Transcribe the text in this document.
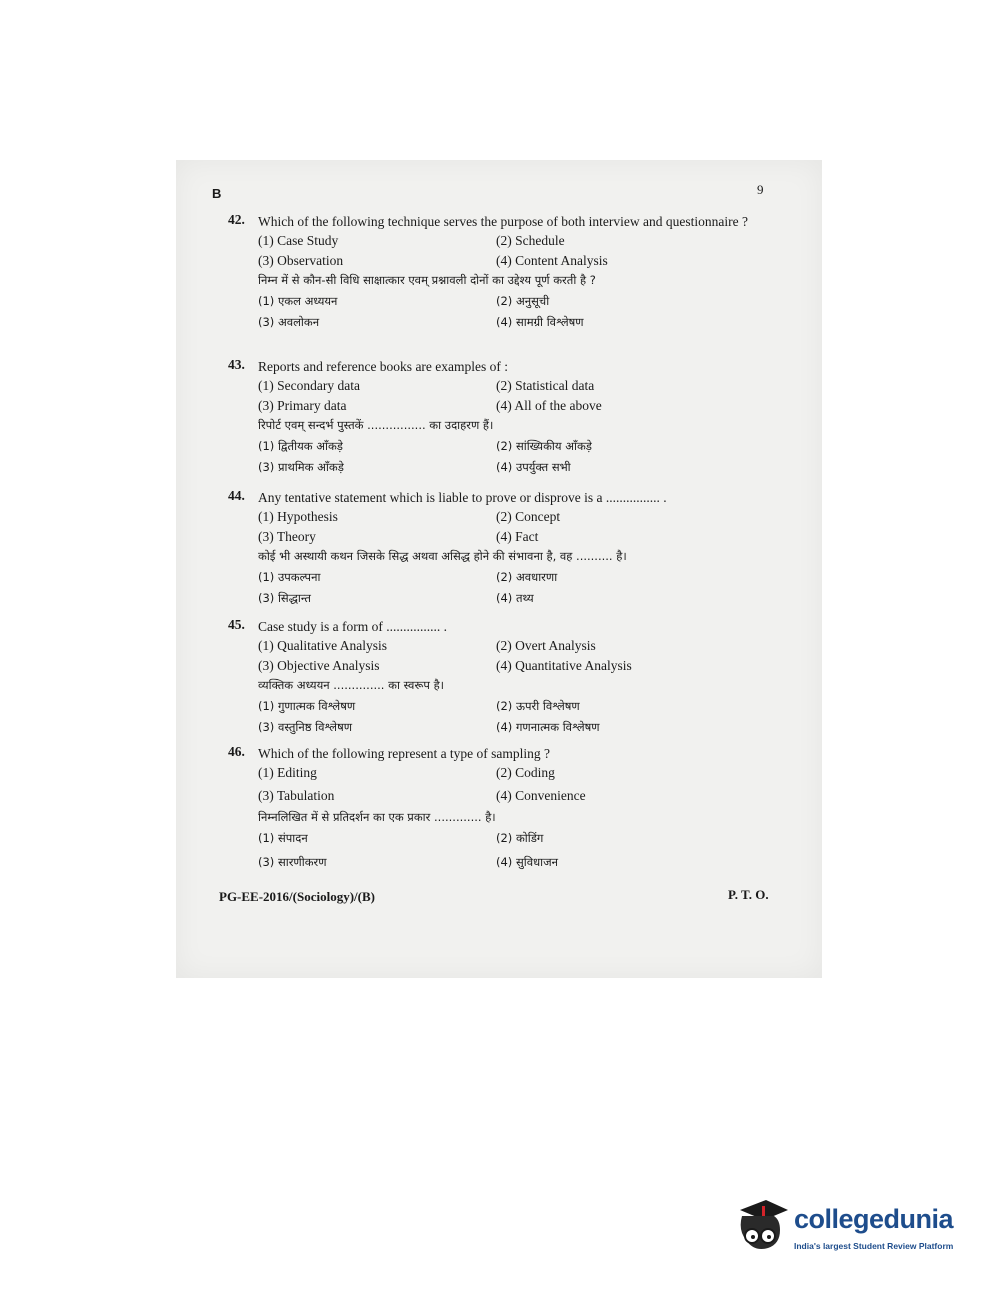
B	9
42. Which of the following technique serves the purpose of both interview and questionnaire ?
(1) Case Study	(2) Schedule
(3) Observation	(4) Content Analysis
निम्न में से कौन-सी विधि साक्षात्कार एवम् प्रश्नावली दोनों का उद्देश्य पूर्ण करती है ?
(1) एकल अध्ययन	(2) अनुसूची
(3) अवलोकन	(4) सामग्री विश्लेषण
43. Reports and reference books are examples of :
(1) Secondary data	(2) Statistical data
(3) Primary data	(4) All of the above
रिपोर्ट एवम् सन्दर्भ पुस्तकें ................ का उदाहरण हैं।
(1) द्वितीयक आँकड़े	(2) सांख्यिकीय आँकड़े
(3) प्राथमिक आँकड़े	(4) उपर्युक्त सभी
44. Any tentative statement which is liable to prove or disprove is a ................ .
(1) Hypothesis	(2) Concept
(3) Theory	(4) Fact
कोई भी अस्थायी कथन जिसके सिद्ध अथवा असिद्ध होने की संभावना है, वह .......... है।
(1) उपकल्पना	(2) अवधारणा
(3) सिद्धान्त	(4) तथ्य
45. Case study is a form of ................ .
(1) Qualitative Analysis	(2) Overt Analysis
(3) Objective Analysis	(4) Quantitative Analysis
व्यक्तिक अध्ययन .............. का स्वरूप है।
(1) गुणात्मक विश्लेषण	(2) ऊपरी विश्लेषण
(3) वस्तुनिष्ठ विश्लेषण	(4) गणनात्मक विश्लेषण
46. Which of the following represent a type of sampling ?
(1) Editing	(2) Coding
(3) Tabulation	(4) Convenience
निम्नलिखित में से प्रतिदर्शन का एक प्रकार ............. है।
(1) संपादन	(2) कोडिंग
(3) सारणीकरण	(4) सुविधाजन
PG-EE-2016/(Sociology)/(B)	P. T. O.
collegedunia
India's largest Student Review Platform
